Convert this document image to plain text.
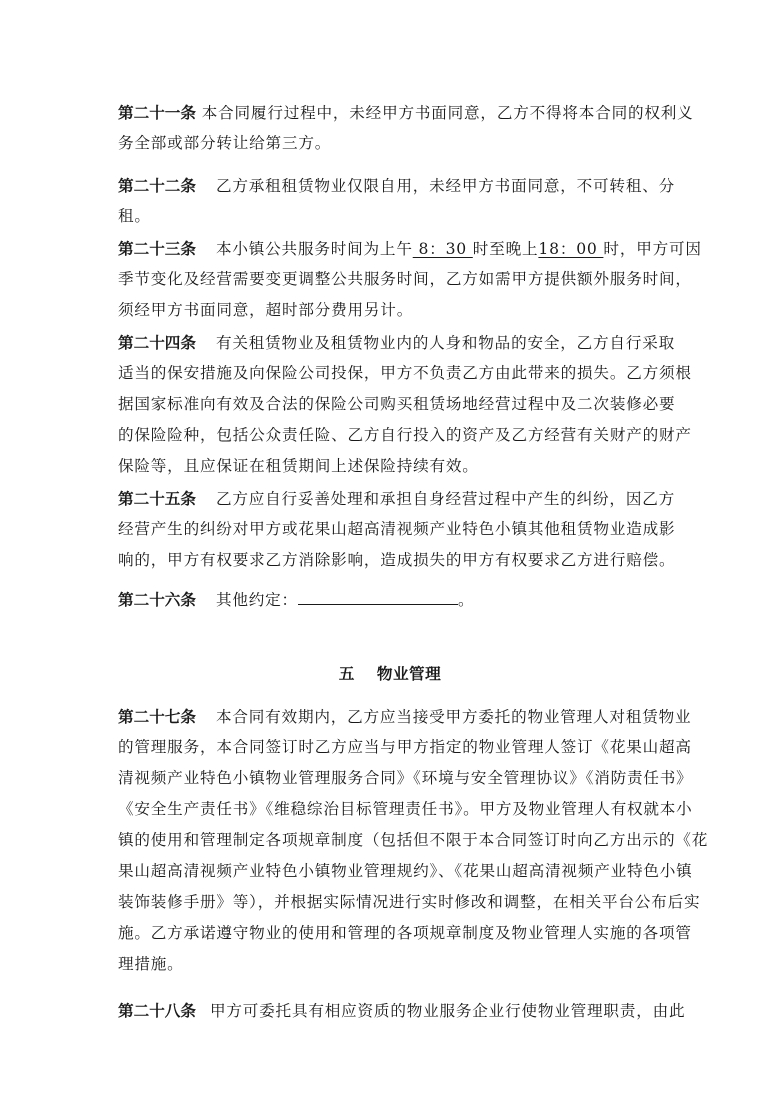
第二十一条 本合同履行过程中，未经甲方书面同意，乙方不得将本合同的权利义
务全部或部分转让给第三方。
第二十二条 乙方承租租赁物业仅限自用，未经甲方书面同意，不可转租、分
租。
第二十三条 本小镇公共服务时间为上午 8：30 时至晚上18：00 时，甲方可因
季节变化及经营需要变更调整公共服务时间，乙方如需甲方提供额外服务时间，
须经甲方书面同意，超时部分费用另计。
第二十四条 有关租赁物业及租赁物业内的人身和物品的安全，乙方自行采取
适当的保安措施及向保险公司投保，甲方不负责乙方由此带来的损失。乙方须根
据国家标准向有效及合法的保险公司购买租赁场地经营过程中及二次装修必要
的保险险种，包括公众责任险、乙方自行投入的资产及乙方经营有关财产的财产
保险等，且应保证在租赁期间上述保险持续有效。
第二十五条 乙方应自行妥善处理和承担自身经营过程中产生的纠纷，因乙方
经营产生的纠纷对甲方或花果山超高清视频产业特色小镇其他租赁物业造成影
响的，甲方有权要求乙方消除影响，造成损失的甲方有权要求乙方进行赔偿。
第二十六条 其他约定：	。
五 物业管理
第二十七条 本合同有效期内，乙方应当接受甲方委托的物业管理人对租赁物业
的管理服务，本合同签订时乙方应当与甲方指定的物业管理人签订《花果山超高
清视频产业特色小镇物业管理服务合同》《环境与安全管理协议》《消防责任书》
《安全生产责任书》《维稳综治目标管理责任书》。甲方及物业管理人有权就本小
镇的使用和管理制定各项规章制度（包括但不限于本合同签订时向乙方出示的《花
果山超高清视频产业特色小镇物业管理规约》、《花果山超高清视频产业特色小镇
装饰装修手册》等），并根据实际情况进行实时修改和调整，在相关平台公布后实
施。乙方承诺遵守物业的使用和管理的各项规章制度及物业管理人实施的各项管
理措施。
第二十八条 甲方可委托具有相应资质的物业服务企业行使物业管理职责，由此
